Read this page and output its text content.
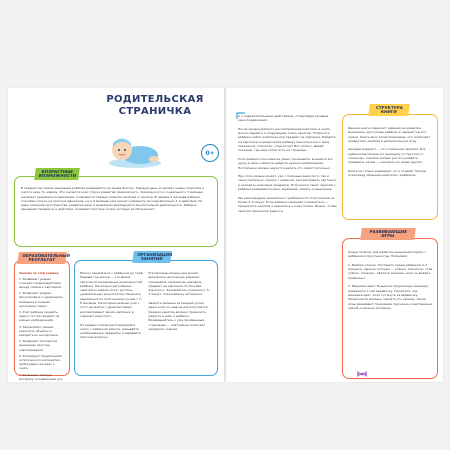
РОДИТЕЛЬСКАЯ
СТРАНИЧКА
0+
ВОЗРАСТНЫЕ
ВОЗМОЖНОСТИ
В первый год жизни мышление ребёнка развивается не менее быстро. Каждый день он делает новые открытия и учится чему-то новому. Это касается всех сторон развития: физического, психического и социального. У малыша начинает развиваться мышление, появляются первые попытки анализа и синтеза. В первые 9 месяцев ребёнок способен только на простые движения, но в 9 месяцев уже может совершать последовательно 2–3 действия. По мере освоения пространства, развития речи и мышления формируется мыслительная деятельность. Ребёнок связывает предметы и действия, понимает простые слова, которые их обозначают.
ОБРАЗОВАТЕЛЬНЫЙ
РЕЗУЛЬТАТ
Занятия по этой книжке:
1. Развивают умение точечного взаимодействия между словом и картинкой.
2. Развивают умение фокусировать и удерживать внимание в течение нескольких минут.
3. Учат ребёнка узнавать один и тот же предмет на разных изображениях.
4. Закрепляют умение различать объекты и находить их на картинке.
5. Развивают логическое мышление, простые классификации.
6. Формируют предпосылки эстетического восприятия, пробуждают интерес к книге.
7. Развивают мелкую моторику, координацию рук.
ОРГАНИЗАЦИЯ
ЗАНЯТИЙ
Можно заниматься с ребёнком до года! Первый год жизни — это время запуска потенциальных возможностей ребёнка. Несколько регулярных занятий в неделю могут достичь удивительных результатов. Начинать заниматься по этой книжке лучше с 7–8 месяцев. Некоторые малыши уже с этого возраста с удовольствием рассматривают яркие картинки и слушают взрослого.

На первых этапах рассматривайте книгу с ребёнком вместе, называйте изображённые предметы и задавайте простые вопросы.
В 9 месяцев малыш уже может выполнять несложные задания: показывать пальчиком, находить предмет на картинке по просьбе взрослого. Занимайтесь понемногу, 5–7 минут, пока ребёнку интересно.

Хвалите малыша за каждый успех, даже если он ещё не всё получается. Каждое занятие должно приносить радость и вам, и ребёнку. Возвращайтесь к уже пройденным страницам — повторение помогает закрепить знания.
и с подражательными действиями, стимулируя речевые звукоподражания.

После неоднократного рассматривания картинок в книге можно перейти к следующему этапу занятий. Попросите ребёнка найти животное или предмет на картинке. Найдите на картинке и предложите ребёнку прикоснуться к нему пальчиком. Спросите: «Где котик? Вот котик». Давай покажем, где ещё котик есть на странице.

Если ребёнок пока ещё не умеет показывать, возьмите его ручку в свою и вместе найдите нужное изображение. Постепенно малыш научится делать это самостоятельно.

При этом малыш может, как с помощью взрослого, так и самостоятельно, играть с книжкой, рассматривать картинки и находить знакомые предметы. В процессе таких занятий у ребёнка развивается речь, внимание, память и мышление.

Мы рекомендуем заниматься с ребёнком по этой книжке не более 2–3 минут. Если ребёнок начинает отвлекаться — прекратите занятие и вернитесь к нему позже. Важно, чтобы занятия приносили радость.
СТРУКТУРА
КНИГИ
Данная книга содержит задания на развитие мышления, доступные ребёнку в первый год его жизни. Книга ярко иллюстрирована, что позволяет превратить занятия в увлекательную игру.

Каждый разворот — это отдельное занятие. Все задания выстроены по принципу от простого к сложному: сначала малыш учится узнавать предметы, затем — находить их среди других.

Книга не только развивает, но и создаёт тёплую атмосферу общения родителя с ребёнком.
РАЗВИВАЮЩИЕ
ИГРЫ
Очень полезно для развития мышления играть с ребёнком в простые игры. Например:

1. Выбери утенка. Поставьте перед ребёнком 2–3 игрушки, одна из которых — утёнок. Спросите: «Где утёнок, покажи». Хвалите малыша, если он выбрал правильно.

2. Машинка едет. Возьмите игрушечную машинку, привяжите к ней верёвочку. Покажите, как машинка едет, если потянуть за верёвочку. Предложите малышу сделать это самому. Такие игры развивают понимание причинно-следственных связей и мелкую моторику.
